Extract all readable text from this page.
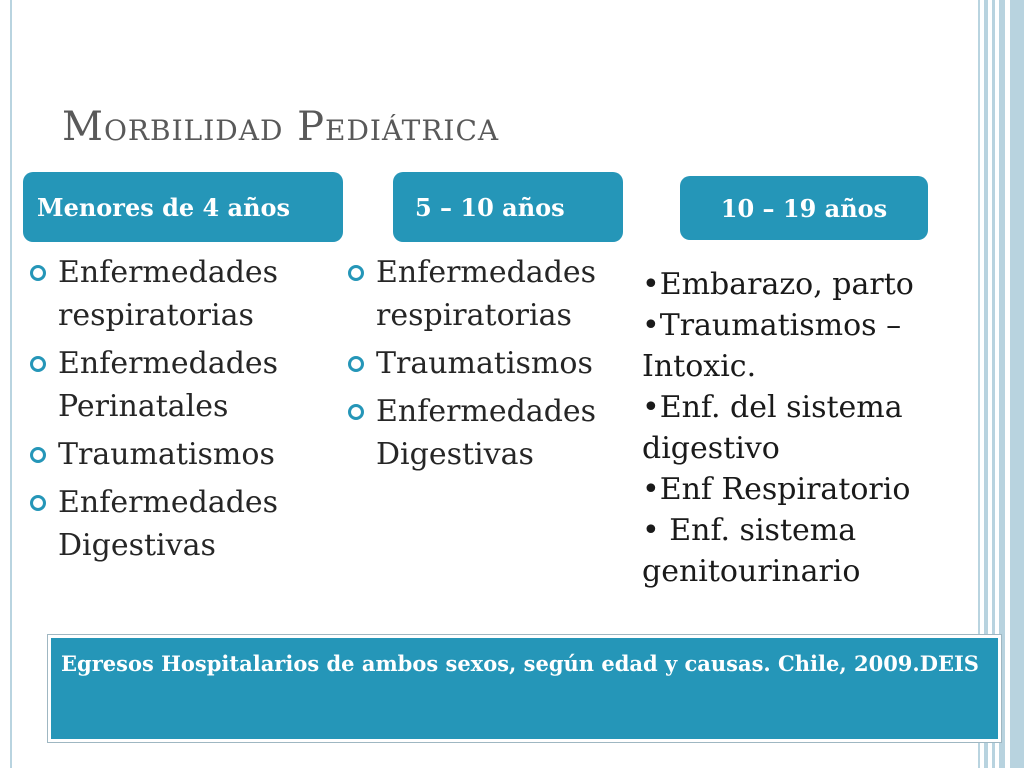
Morbilidad Pediátrica
Menores de 4 años	5 – 10 años	10 – 19 años
Enfermedades respiratorias
Enfermedades Perinatales
Traumatismos
Enfermedades Digestivas
Enfermedades respiratorias
Traumatismos
Enfermedades Digestivas
•Embarazo, parto
•Traumatismos – Intoxic.
•Enf. del sistema digestivo
•Enf Respiratorio
• Enf. sistema genitourinario
Egresos Hospitalarios de ambos sexos, según edad y causas. Chile, 2009.DEIS
